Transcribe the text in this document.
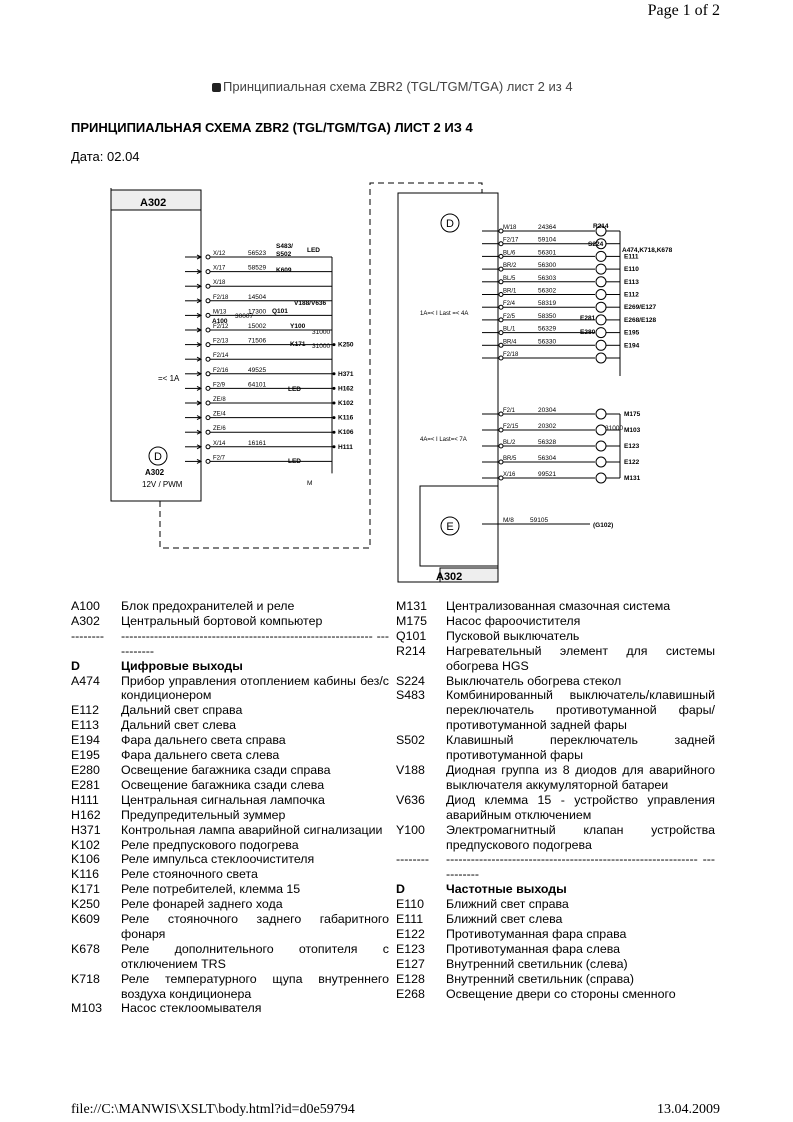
Page 1 of 2
Принципиальная схема ZBR2 (TGL/TGM/TGA) лист 2 из 4
ПРИНЦИПИАЛЬНАЯ СХЕМА ZBR2 (TGL/TGM/TGA) ЛИСТ 2 ИЗ 4
Дата: 02.04
X/12	56523
X/17	58529
X/18
F2/18	14504
M/13	17300
F2/12	15002
F2/13	71506
K250
F2/14
F2/16	49525
H371
F2/9	64101
H162
ZE/8	K102
ZE/4	K116
ZE/6	K106
X/14	16161
H111
F2/7
M/18	24364
F2/17	59104
BL/6	56301
E111
BR/2	56300
E110
BL/5	56303
E113
BR/1	56302
E112
F2/4	58319
E269/E127
F2/5	58350
E268/E128
BL/1	56329
E195
BR/4	56330
E194
F2/18
F2/1	20304
M175
F2/15	20302
M103
BL/2	56328
E123
BR/5	56304
E122
X/16	99521
M131
A302
A302
D
D
E
A302
12V / PWM
=< 1A
1A=< I Last =< 4A
4A=< I Last=< 7A
S483/
S502
LED
K609
A100
30007
Q101
V188/V636
Y100
31000
K171 31000
LED
LED
M
R214
S224
A474,K718,K678
E281
E280
31000
M/8 59105
(G102)
A100	Блок предохранителей и реле
A302	Центральный бортовой компьютер
--------	------------------------------------------------------------- -----------
D	Цифровые выходы
A474	Прибор управления отоплением кабины без/с кондиционером
E112	Дальний свет справа
E113	Дальний свет слева
E194	Фара дальнего света справа
E195	Фара дальнего света слева
E280	Освещение багажника сзади справа
E281	Освещение багажника сзади слева
H111	Центральная сигнальная лампочка
H162	Предупредительный зуммер
H371	Контрольная лампа аварийной сигнализации
K102	Реле предпускового подогрева
K106	Реле импульса стеклоочистителя
K116	Реле стояночного света
K171	Реле потребителей, клемма 15
K250	Реле фонарей заднего хода
K609	Реле стояночного заднего габаритного фонаря
K678	Реле дополнительного отопителя с отключением TRS
K718	Реле температурного щупа внутреннего воздуха кондиционера
M103	Насос стеклоомывателя
M131	Централизованная смазочная система
M175	Насос фароочистителя
Q101	Пусковой выключатель
R214	Нагревательный элемент для системы обогрева HGS
S224	Выключатель обогрева стекол
S483	Комбинированный выключатель/клавишный переключатель противотуманной фары/противотуманной задней фары
S502	Клавишный переключатель задней противотуманной фары
V188	Диодная группа из 8 диодов для аварийного выключателя аккумуляторной батареи
V636	Диод клемма 15 - устройство управления аварийным отключением
Y100	Электромагнитный клапан устройства предпускового подогрева
--------	------------------------------------------------------------- -----------
D	Частотные выходы
E110	Ближний свет справа
E111	Ближний свет слева
E122	Противотуманная фара справа
E123	Противотуманная фара слева
E127	Внутренний светильник (слева)
E128	Внутренний светильник (справа)
E268	Освещение двери со стороны сменного
file://C:\MANWIS\XSLT\body.html?id=d0e59794	13.04.2009
